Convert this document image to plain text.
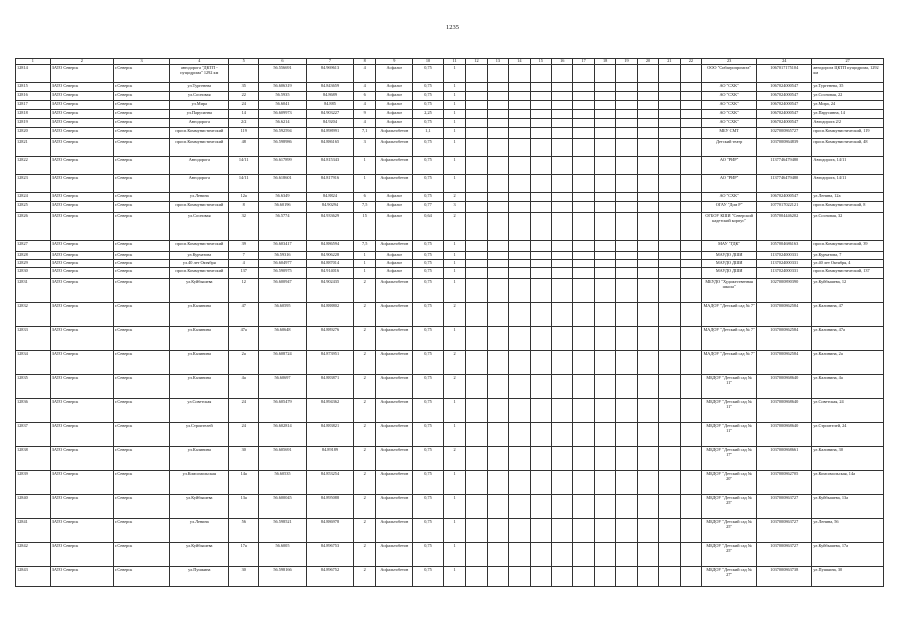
1235
1	2	3	4	5	6	7	8	9	10	11	12	13	14	15	16	17	18	19	20	21	22	23	24	27
12814	ЗАТО Северск	г.Северск	автодорога "ДКТП - пущодрома" 1292 км		56.556691	84.969613	4	Асфальт	0,75	1												ООО "Сибагропромгаз"	1067017175104	автодорога ЦКТП пущодрома, 1292 км
12815	ЗАТО Северск	г.Северск	ул.Тургенева	35	56.606319	84.843659	4	Асфальт	0,75	1												АО "СХК"	1067024000547	ул.Тургенева, 35
12816	ЗАТО Северск	г.Северск	ул.Сосновая	22	56.5935	84.8689	6	Асфальт	0,75	1												АО "СХК"	1067024000547	ул.Сосновая, 22
12817	ЗАТО Северск	г.Северск	ул.Мира	24	56.6041	84.885	4	Асфальт	0,75	1												АО "СХК"	1067024000547	ул.Мира, 24
12818	ЗАТО Северск	г.Северск	ул.Парусинна	14	56.609973	84.903227	9	Асфальт	2,25	1												АО "СХК"	1067024000547	ул.Парусинна, 14
12819	ЗАТО Северск	г.Северск	Автодорога	2/2	56.6214	84.9204	4	Асфальт	0,75	1												АО "СХК"	1067024000547	Автодорога 2/2
12820	ЗАТО Северск	г.Северск	просп.Коммунистический	119	56.592594	84.898991	7,1	Асфальтобетон	1,1	1												МБУ СМТ	1027000865727	просп.Коммунистический, 119
12821	ЗАТО Северск	г.Северск	просп.Коммунистический	48	56.598986	84.886165	3	Асфальтобетон	0,75	1												Детский театр	1037000864839	просп.Коммунистический, 48
12822	ЗАТО Северск	г.Северск	Автодорога	14/11	56.617899	84.815343	1	Асфальтобетон	0,75	1												АО "РИР"	1137746479480	Автодорога, 14/11
12823	ЗАТО Северск	г.Северск	Автодорога	14/11	56.618601	84.817916	1	Асфальтобетон	0,75	1												АО "РИР"	1137746479480	Автодорога, 14/11
12824	ЗАТО Северск	г.Северск	ул.Ленина	12а	56.6349	84.8824	6	Асфальт	0,75	2												АО "СХК"	1067024000547	ул.Ленина, 12а
12825	ЗАТО Северск	г.Северск	просп.Коммунистический	8	56.60196	84.90294	7,5	Асфальт	0,77	3												ОГАУ "Дом Р"	1077017022121	просп.Коммунистический, 8
12826	ЗАТО Северск	г.Северск	ул.Сосновая	32	56.5774	84.933629	15	Асфальт	0,64	2												ОГБОУ КШИ "Северский кадетский корпус"	1057004446202	ул.Сосновая, 32
12827	ЗАТО Северск	г.Северск	просп.Коммунистический	39	56.603417	84.886594	7,5	Асфальтобетон	0,75	1												МАУ "ГДК"	1057004686163	просп.Коммунистический, 39
12828	ЗАТО Северск	г.Северск	ул.Курчатова	7	56.59316	84.906228	1	Асфальт	0,75	1												МАУДО ДШИ	1137024000331	ул.Курчатова, 7
12829	ЗАТО Северск	г.Северск	ул.40 лет Октября	4	56.604977	84.887014	1	Асфальт	0,75	1												МАУДО ДШИ	1137024000331	ул.40 лет Октября, 4
12830	ЗАТО Северск	г.Северск	просп.Коммунистический	137	56.590975	84.914016	1	Асфальт	0,75	1												МАУДО ДШИ	1137024000331	просп.Коммунистический, 137
12831	ЗАТО Северск	г.Северск	ул.Куйбышева	12	56.600947	84.902435	2	Асфальтобетон	0,75	1												МБУДО "Художественная школа"	1027000890390	ул.Куйбышева, 12
12832	ЗАТО Северск	г.Северск	ул.Калинина	47	56.60595	84.888802	2	Асфальтобетон	0,75	2												МАДОУ "Детский сад № 7"	1037000862584	ул.Калинина, 47
12833	ЗАТО Северск	г.Северск	ул.Калинина	47а	56.60648	84.889276	2	Асфальтобетон	0,75	1												МАДОУ "Детский сад № 7"	1037000862584	ул.Калинина, 47а
12834	ЗАТО Северск	г.Северск	ул.Калинина	2а	56.608724	84.873951	2	Асфальтобетон	0,75	2												МАДОУ "Детский сад № 7"	1037000862584	ул.Калинина, 2а
12835	ЗАТО Северск	г.Северск	ул.Калинина	4а	56.60697	84.883871	2	Асфальтобетон	0,75	2												МБДОУ "Детский сад № 11"	1037000868640	ул.Калинина, 4а
12836	ЗАТО Северск	г.Северск	ул.Советская	24	56.605479	84.894362	2	Асфальтобетон	0,75	1												МБДОУ "Детский сад № 11"	1037000868640	ул.Советская, 24
12837	ЗАТО Северск	г.Северск	ул.Строителей	24	56.602814	84.883821	2	Асфальтобетон	0,75	1												МБДОУ "Детский сад № 11"	1037000868640	ул.Строителей, 24
12838	ЗАТО Северск	г.Северск	ул.Калинина	30	56.605691	84.89189	2	Асфальтобетон	0,75	2												МБДОУ "Детский сад № 17"	1037000868661	ул.Калинина, 30
12839	ЗАТО Северск	г.Северск	ул.Комсомольская	14а	56.60535	84.853254	2	Асфальтобетон	0,75	1												МБДОУ "Детский сад № 20"	1037000862705	ул.Комсомольская, 14а
12840	ЗАТО Северск	г.Северск	ул.Куйбышева	13а	56.600045	84.895088	2	Асфальтобетон	0,75	1												МБДОУ "Детский сад № 25"	1037000863727	ул.Куйбышева, 13а
12841	ЗАТО Северск	г.Северск	ул.Ленина	56	56.598521	84.886978	2	Асфальтобетон	0,75	1												МБДОУ "Детский сад № 25"	1037000863727	ул.Ленина, 56
12842	ЗАТО Северск	г.Северск	ул.Куйбышева	17а	56.6005	84.896753	2	Асфальтобетон	0,75	1												МБДОУ "Детский сад № 25"	1037000863727	ул.Куйбышева, 17а
12843	ЗАТО Северск	г.Северск	ул.Пушкина	30	56.598166	84.896752	2	Асфальтобетон	0,75	1												МБДОУ "Детский сад № 27"	1037000863738	ул.Пушкина, 30
